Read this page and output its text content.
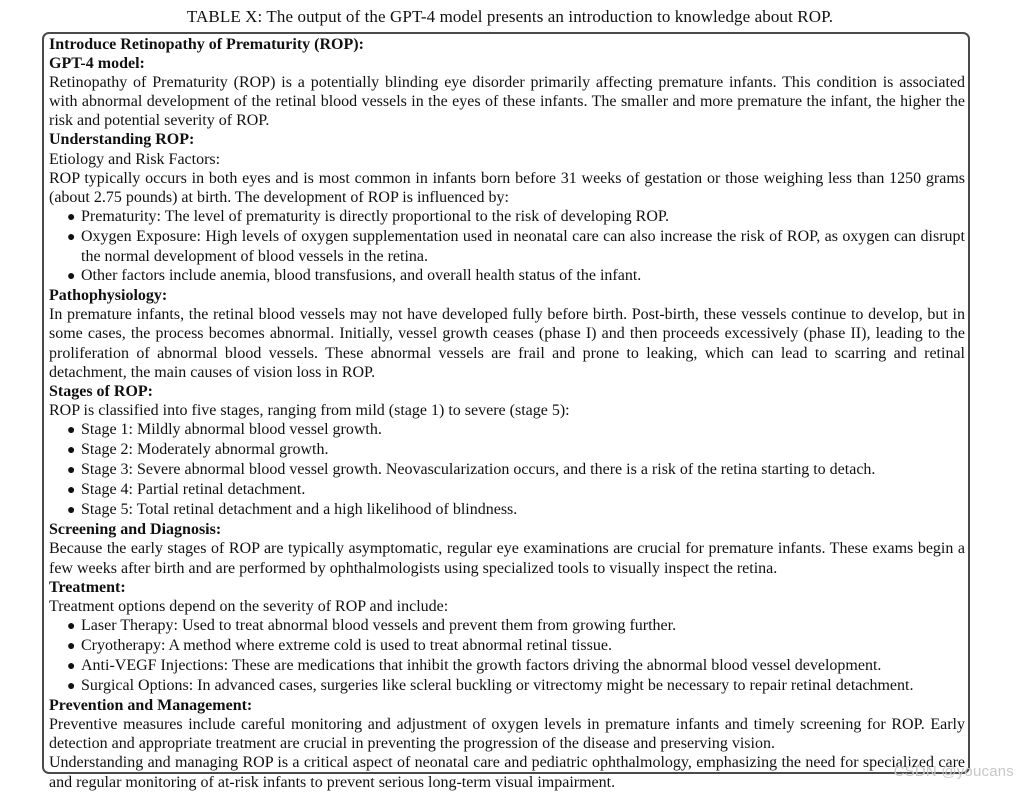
TABLE X: The output of the GPT-4 model presents an introduction to knowledge about ROP.

Introduce Retinopathy of Prematurity (ROP):

GPT-4 model:

Retinopathy of Prematurity (ROP) is a potentially blinding eye disorder primarily affecting premature infants. This condition is associated with abnormal development of the retinal blood vessels in the eyes of these infants. The smaller and more premature the infant, the higher the risk and potential severity of ROP.

Understanding ROP:

Etiology and Risk Factors:

ROP typically occurs in both eyes and is most common in infants born before 31 weeks of gestation or those weighing less than 1250 grams (about 2.75 pounds) at birth. The development of ROP is influenced by:

● Prematurity: The level of prematurity is directly proportional to the risk of developing ROP.

● Oxygen Exposure: High levels of oxygen supplementation used in neonatal care can also increase the risk of ROP, as oxygen can disrupt the normal development of blood vessels in the retina.

● Other factors include anemia, blood transfusions, and overall health status of the infant.

Pathophysiology:

In premature infants, the retinal blood vessels may not have developed fully before birth. Post-birth, these vessels continue to develop, but in some cases, the process becomes abnormal. Initially, vessel growth ceases (phase I) and then proceeds excessively (phase II), leading to the proliferation of abnormal blood vessels. These abnormal vessels are frail and prone to leaking, which can lead to scarring and retinal detachment, the main causes of vision loss in ROP.

Stages of ROP:

ROP is classified into five stages, ranging from mild (stage 1) to severe (stage 5):

● Stage 1: Mildly abnormal blood vessel growth.

● Stage 2: Moderately abnormal growth.

● Stage 3: Severe abnormal blood vessel growth. Neovascularization occurs, and there is a risk of the retina starting to detach.

● Stage 4: Partial retinal detachment.

● Stage 5: Total retinal detachment and a high likelihood of blindness.

Screening and Diagnosis:

Because the early stages of ROP are typically asymptomatic, regular eye examinations are crucial for premature infants. These exams begin a few weeks after birth and are performed by ophthalmologists using specialized tools to visually inspect the retina.

Treatment:

Treatment options depend on the severity of ROP and include:

● Laser Therapy: Used to treat abnormal blood vessels and prevent them from growing further.

● Cryotherapy: A method where extreme cold is used to treat abnormal retinal tissue.

● Anti-VEGF Injections: These are medications that inhibit the growth factors driving the abnormal blood vessel development.

● Surgical Options: In advanced cases, surgeries like scleral buckling or vitrectomy might be necessary to repair retinal detachment.

Prevention and Management:

Preventive measures include careful monitoring and adjustment of oxygen levels in premature infants and timely screening for ROP. Early detection and appropriate treatment are crucial in preventing the progression of the disease and preserving vision.

Understanding and managing ROP is a critical aspect of neonatal care and pediatric ophthalmology, emphasizing the need for specialized care and regular monitoring of at-risk infants to prevent serious long-term visual impairment.

CSDN @youcans
